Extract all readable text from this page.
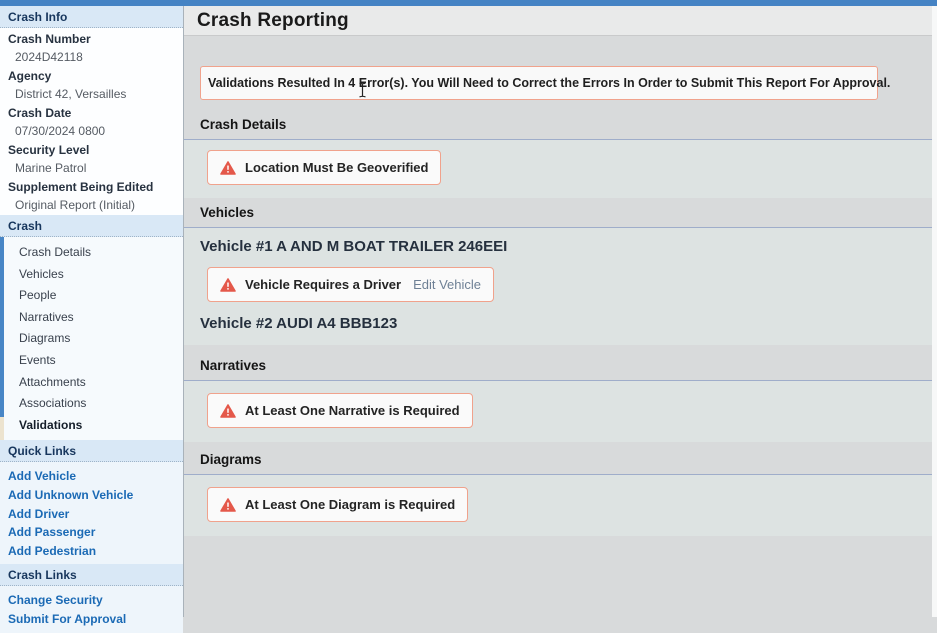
Crash Info
Crash Number
2024D42118
Agency
District 42, Versailles
Crash Date
07/30/2024 0800
Security Level
Marine Patrol
Supplement Being Edited
Original Report (Initial)
Crash
Crash Details
Vehicles
People
Narratives
Diagrams
Events
Attachments
Associations
Validations
Quick Links
Add Vehicle
Add Unknown Vehicle
Add Driver
Add Passenger
Add Pedestrian
Crash Links
Change Security
Submit For Approval
Crash Reporting
Validations Resulted In 4 Error(s). You Will Need to Correct the Errors In Order to Submit This Report For Approval.
Crash Details
Location Must Be Geoverified
Vehicles
Vehicle #1 A AND M BOAT TRAILER 246EEI
Vehicle Requires a Driver Edit Vehicle
Vehicle #2 AUDI A4 BBB123
Narratives
At Least One Narrative is Required
Diagrams
At Least One Diagram is Required
